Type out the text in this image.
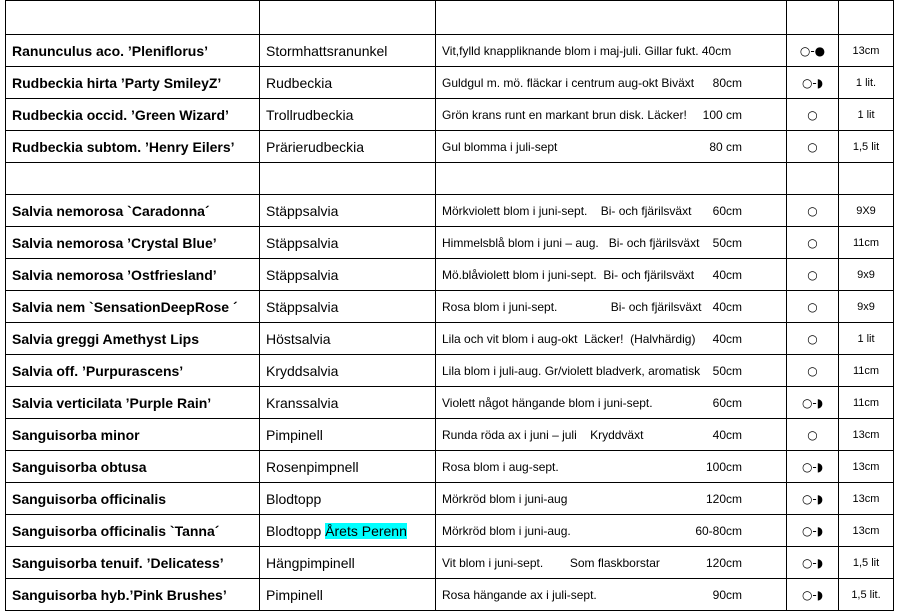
Ranunculus aco. ’Pleniflorus’	Stormhattsranunkel	Vit,fylld knappliknande blom i maj-juli. Gillar fukt. 40cm	○-●	13cm
Rudbeckia hirta ’Party SmileyZ’	Rudbeckia	Guldgul m. mö. fläckar i centrum aug-okt Biväxt 80cm	○-◗	1 lit.
Rudbeckia occid. ’Green Wizard’	Trollrudbeckia	Grön krans runt en markant brun disk. Läcker! 100 cm	○	1 lit
Rudbeckia subtom. ’Henry Eilers’	Prärierudbeckia	Gul blomma i juli-sept 80 cm	○	1,5 lit

Salvia nemorosa `Caradonna´	Stäppsalvia	Mörkviolett blom i juni-sept.    Bi- och fjärilsväxt 60cm	○	9X9
Salvia nemorosa ’Crystal Blue’	Stäppsalvia	Himmelsblå blom i juni – aug.   Bi- och fjärilsväxt 50cm	○	11cm
Salvia nemorosa ’Ostfriesland’	Stäppsalvia	Mö.blåviolett blom i juni-sept.  Bi- och fjärilsväxt 40cm	○	9x9
Salvia nem `SensationDeepRose ´	Stäppsalvia	Rosa blom i juni-sept.                Bi- och fjärilsväxt 40cm	○	9x9
Salvia greggi Amethyst Lips	Höstsalvia	Lila och vit blom i aug-okt  Läcker!  (Halvhärdig) 40cm	○	1 lit
Salvia off. ’Purpurascens’	Kryddsalvia	Lila blom i juli-aug. Gr/violett bladverk, aromatisk 50cm	○	11cm
Salvia verticilata ’Purple Rain’	Kranssalvia	Violett något hängande blom i juni-sept. 60cm	○-◗	11cm
Sanguisorba minor	Pimpinell	Runda röda ax i juni – juli    Kryddväxt 40cm	○	13cm
Sanguisorba obtusa	Rosenpimpnell	Rosa blom i aug-sept. 100cm	○-◗	13cm
Sanguisorba officinalis	Blodtopp	Mörkröd blom i juni-aug 120cm	○-◗	13cm
Sanguisorba officinalis `Tanna´	Blodtopp Årets Perenn	Mörkröd blom i juni-aug. 60-80cm	○-◗	13cm
Sanguisorba tenuif. ’Delicatess’	Hängpimpinell	Vit blom i juni-sept.        Som flaskborstar 120cm	○-◗	1,5 lit
Sanguisorba hyb.’Pink Brushes’	Pimpinell	Rosa hängande ax i juli-sept. 90cm	○-◗	1,5 lit.
